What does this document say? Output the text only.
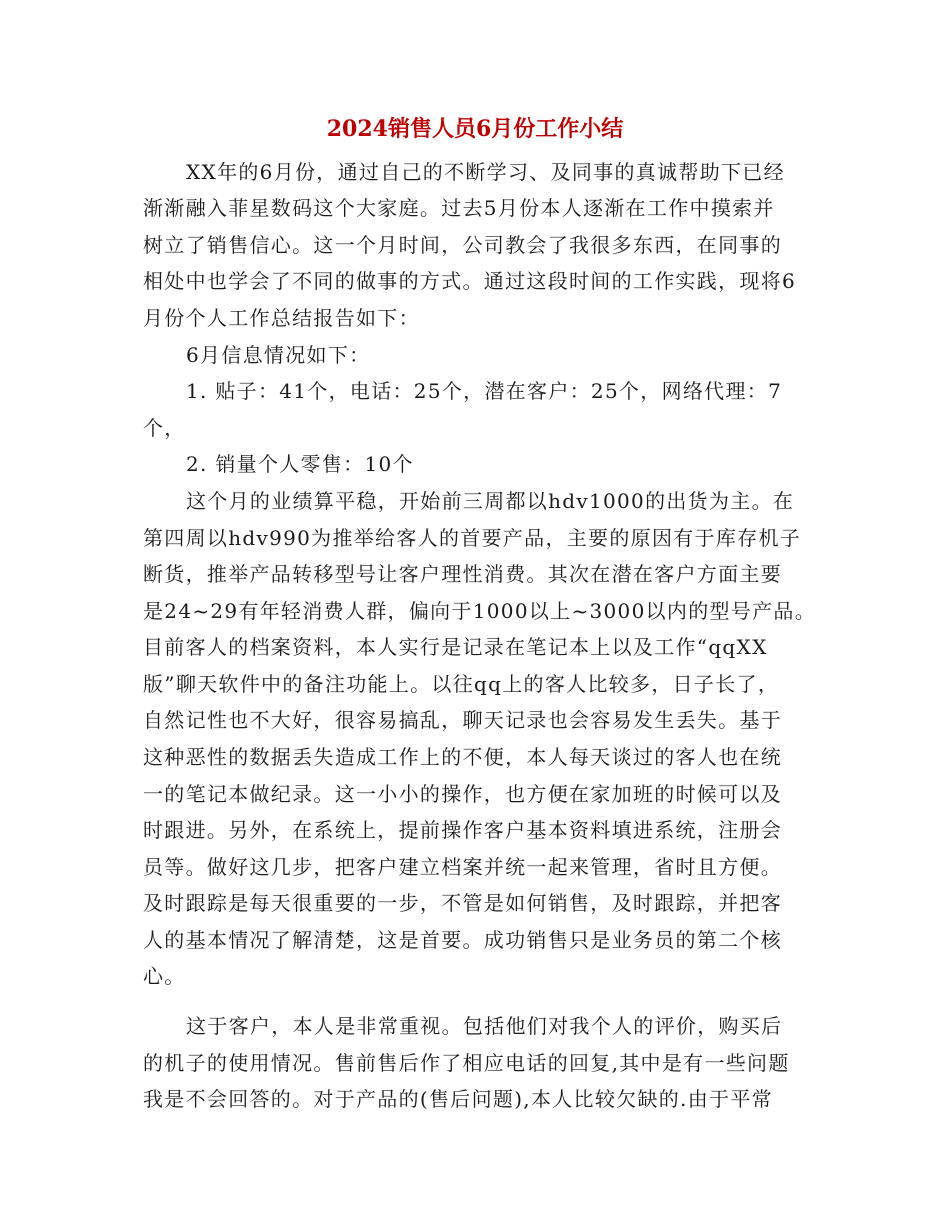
2024销售人员6月份工作小结
XX年的6月份，通过自己的不断学习、及同事的真诚帮助下已经
渐渐融入菲星数码这个大家庭。过去5月份本人逐渐在工作中摸索并
树立了销售信心。这一个月时间，公司教会了我很多东西，在同事的
相处中也学会了不同的做事的方式。通过这段时间的工作实践，现将6
月份个人工作总结报告如下：
6月信息情况如下：
1. 贴子：41个，电话：25个，潜在客户：25个，网络代理：7
个，
2. 销量个人零售：10个
这个月的业绩算平稳，开始前三周都以hdv1000的出货为主。在
第四周以hdv990为推举给客人的首要产品，主要的原因有于库存机子
断货，推举产品转移型号让客户理性消费。其次在潜在客户方面主要
是24~29有年轻消费人群，偏向于1000以上~3000以内的型号产品。
目前客人的档案资料，本人实行是记录在笔记本上以及工作“qqXX
版”聊天软件中的备注功能上。以往qq上的客人比较多，日子长了，
自然记性也不大好，很容易搞乱，聊天记录也会容易发生丢失。基于
这种恶性的数据丢失造成工作上的不便，本人每天谈过的客人也在统
一的笔记本做纪录。这一小小的操作，也方便在家加班的时候可以及
时跟进。另外，在系统上，提前操作客户基本资料填进系统，注册会
员等。做好这几步，把客户建立档案并统一起来管理，省时且方便。
及时跟踪是每天很重要的一步，不管是如何销售，及时跟踪，并把客
人的基本情况了解清楚，这是首要。成功销售只是业务员的第二个核
心。
这于客户，本人是非常重视。包括他们对我个人的评价，购买后
的机子的使用情况。售前售后作了相应电话的回复,其中是有一些问题
我是不会回答的。对于产品的(售后问题),本人比较欠缺的.由于平常
